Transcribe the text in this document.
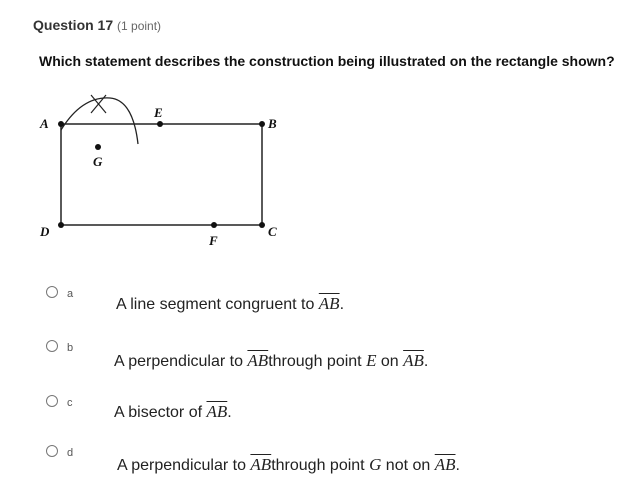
Question 17 (1 point)
Which statement describes the construction being illustrated on the rectangle shown?
A
E
B
G
D
F
C
a
A line segment congruent to $\overline{AB}$.
b
A perpendicular to $\overline{AB}through$ point E on $\overline{AB}$.
c
A bisector of $\overline{AB}$.
d
A perpendicular to $\overline{AB}through$ point G not on $\overline{AB}$.
